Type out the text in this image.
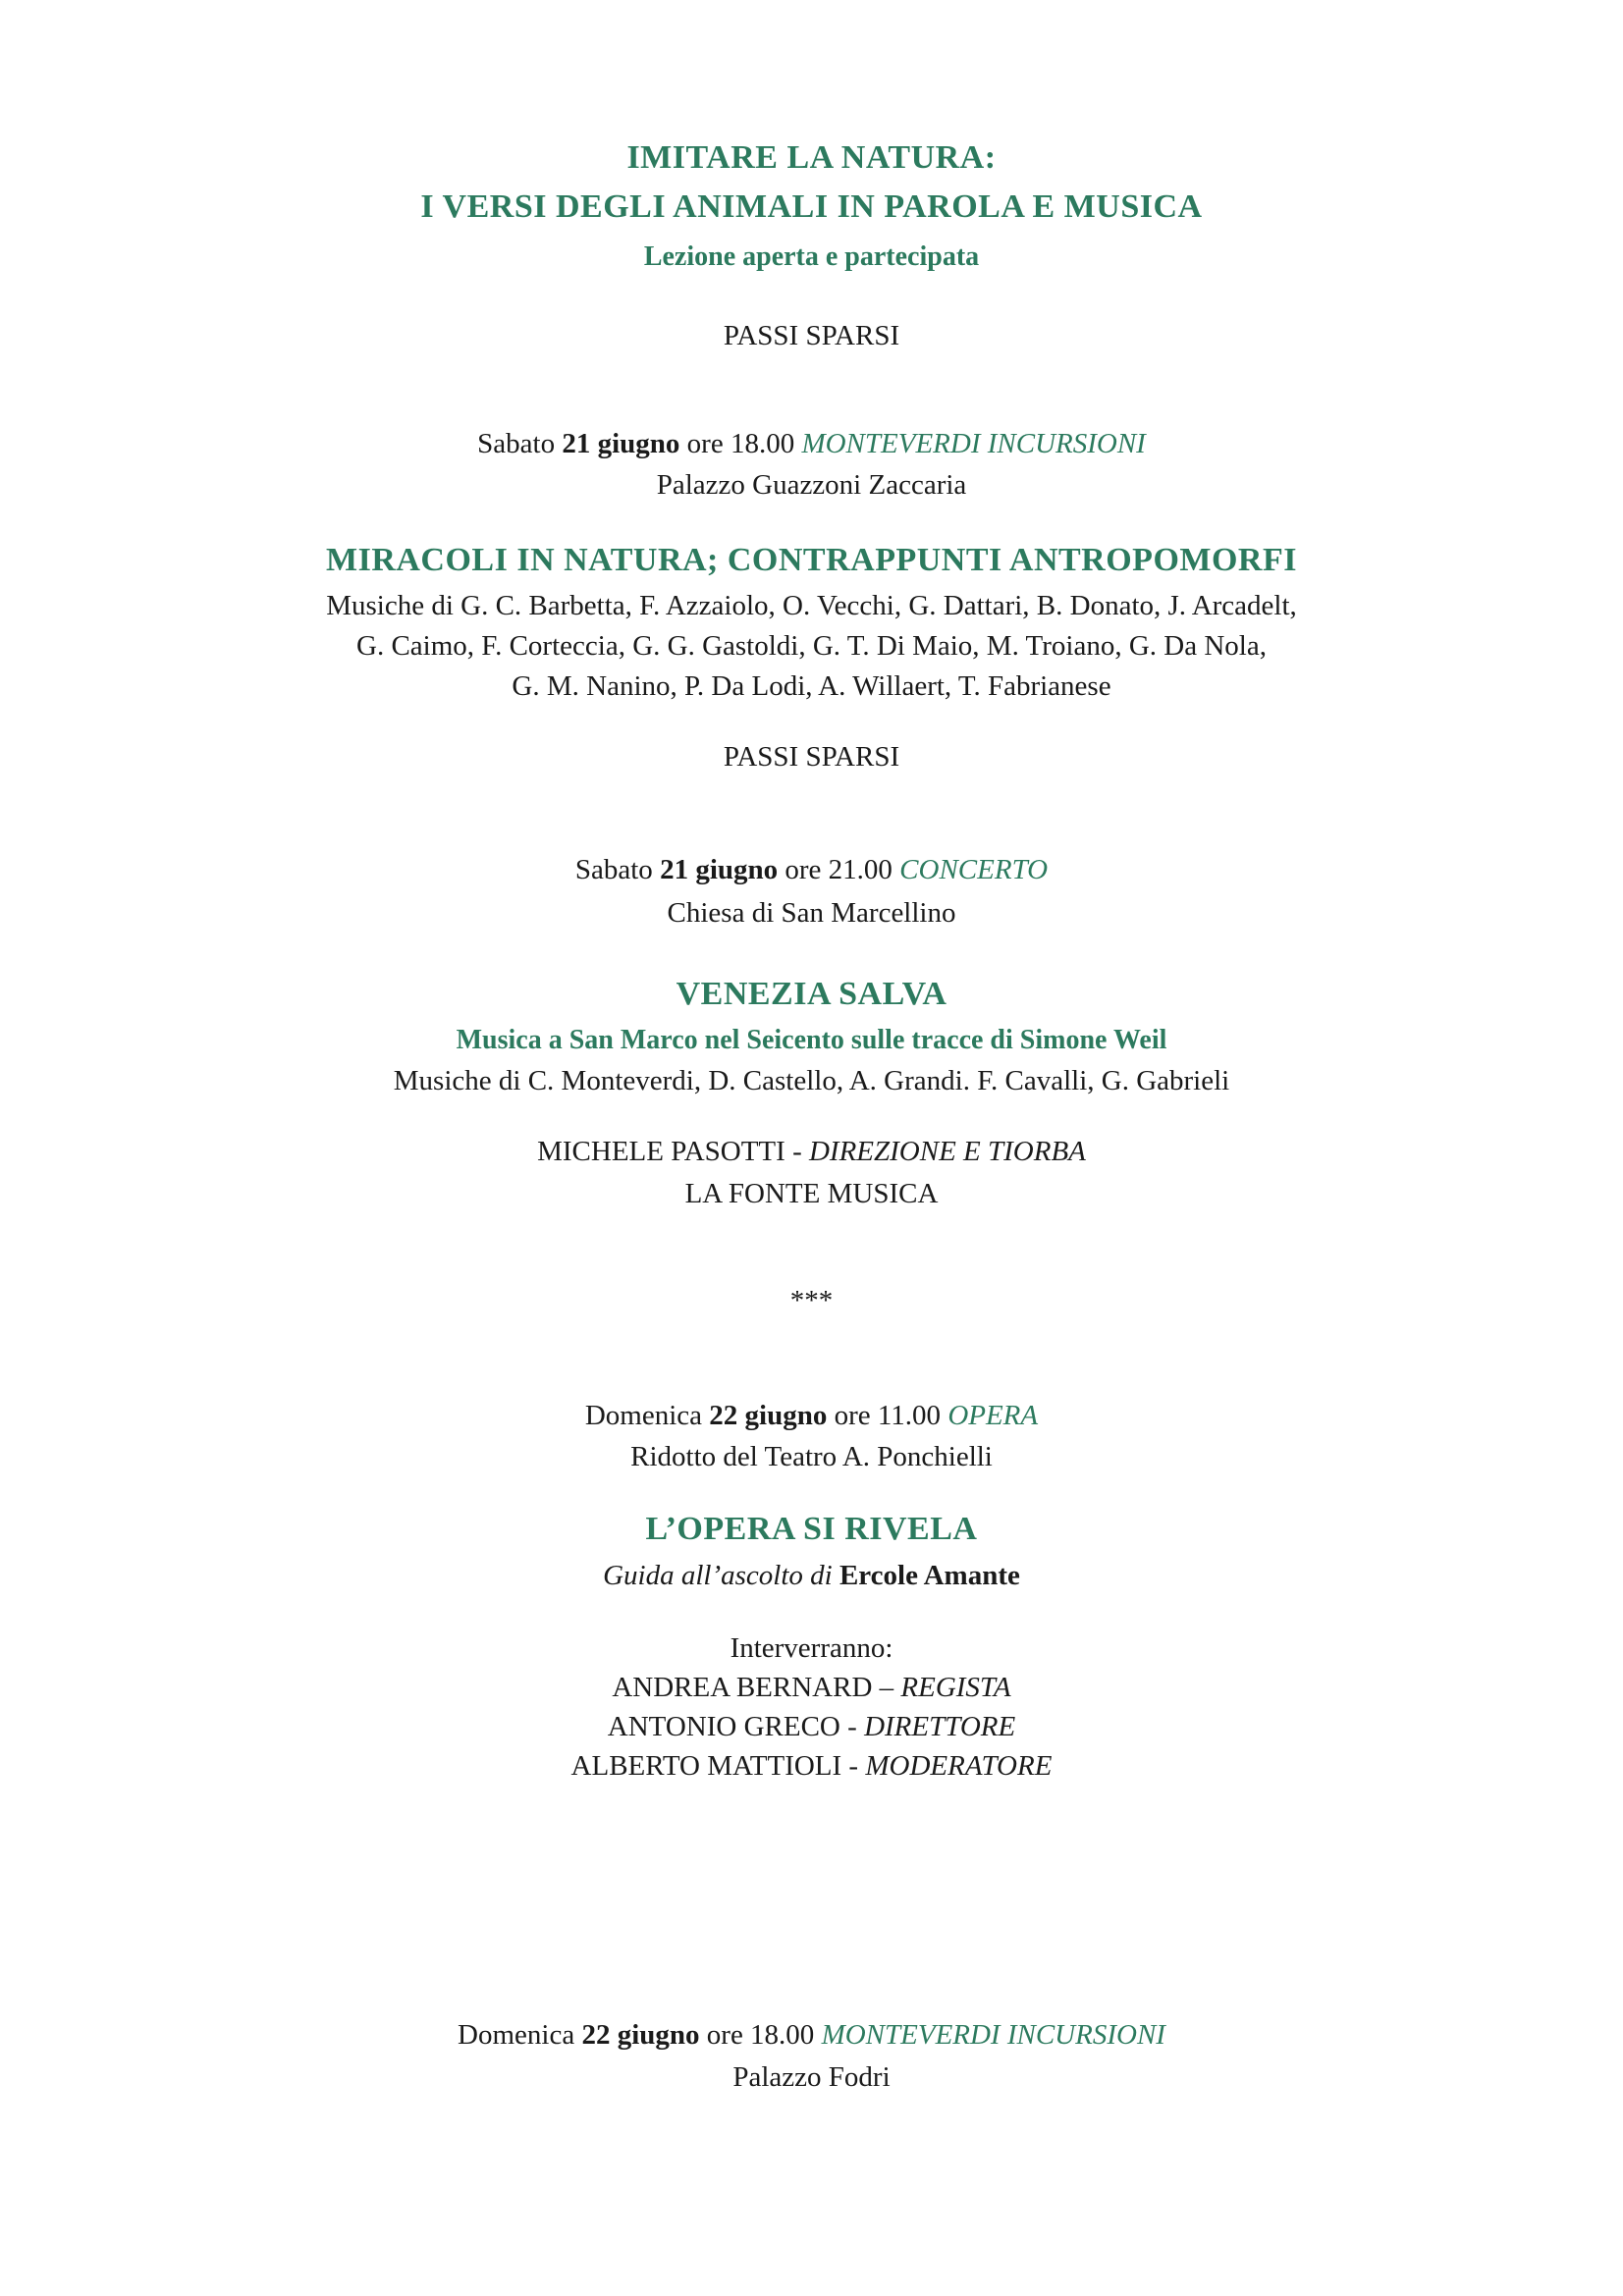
IMITARE LA NATURA:
I VERSI DEGLI ANIMALI IN PAROLA E MUSICA
Lezione aperta e partecipata
PASSI SPARSI
Sabato 21 giugno ore 18.00 MONTEVERDI INCURSIONI
Palazzo Guazzoni Zaccaria
MIRACOLI IN NATURA; CONTRAPPUNTI ANTROPOMORFI
Musiche di G. C. Barbetta, F. Azzaiolo, O. Vecchi, G. Dattari, B. Donato, J. Arcadelt,
G. Caimo, F. Corteccia, G. G. Gastoldi, G. T. Di Maio, M. Troiano, G. Da Nola,
G. M. Nanino, P. Da Lodi, A. Willaert, T. Fabrianese
PASSI SPARSI
Sabato 21 giugno ore 21.00 CONCERTO
Chiesa di San Marcellino
VENEZIA SALVA
Musica a San Marco nel Seicento sulle tracce di Simone Weil
Musiche di C. Monteverdi, D. Castello, A. Grandi. F. Cavalli, G. Gabrieli
MICHELE PASOTTI - DIREZIONE E TIORBA
LA FONTE MUSICA
***
Domenica 22 giugno ore 11.00 OPERA
Ridotto del Teatro A. Ponchielli
L’OPERA SI RIVELA
Guida all’ascolto di Ercole Amante
Interverranno:
ANDREA BERNARD – REGISTA
ANTONIO GRECO - DIRETTORE
ALBERTO MATTIOLI - MODERATORE
Domenica 22 giugno ore 18.00 MONTEVERDI INCURSIONI
Palazzo Fodri
